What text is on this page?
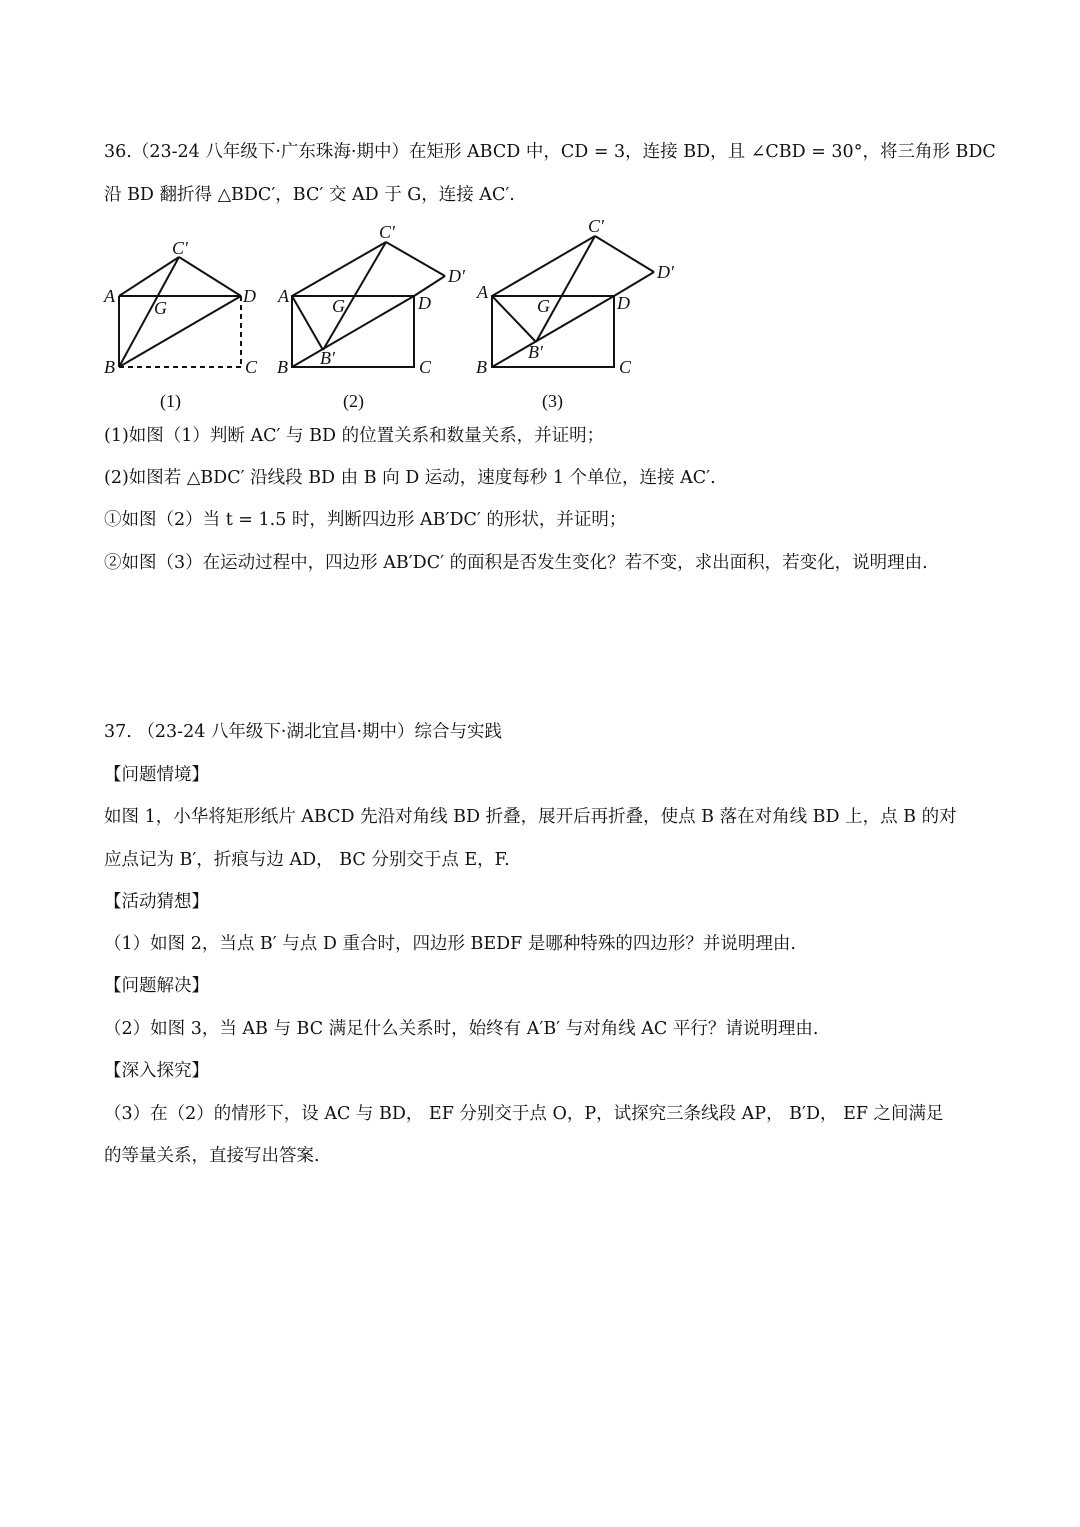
36.（23-24 八年级下·广东珠海·期中）在矩形 ABCD 中，CD = 3，连接 BD，且 ∠CBD = 30°，将三角形 BDC
沿 BD 翻折得 △BDC′，BC′ 交 AD 于 G，连接 AC′.
A	D
B	C
C′
G
A	D
B	C
C′
D′
G
B′
A
D
B	C
C′
D′
G
B′
(1)	(2)	(3)
(1)如图（1）判断 AC′ 与 BD 的位置关系和数量关系，并证明；
(2)如图若 △BDC′ 沿线段 BD 由 B 向 D 运动，速度每秒 1 个单位，连接 AC′.
①如图（2）当 t = 1.5 时，判断四边形 AB′DC′ 的形状，并证明；
②如图（3）在运动过程中，四边形 AB′DC′ 的面积是否发生变化？若不变，求出面积，若变化，说明理由.
37. （23-24 八年级下·湖北宜昌·期中）综合与实践
【问题情境】
如图 1，小华将矩形纸片 ABCD 先沿对角线 BD 折叠，展开后再折叠，使点 B 落在对角线 BD 上，点 B 的对
应点记为 B′，折痕与边 AD， BC 分别交于点 E，F.
【活动猜想】
（1）如图 2，当点 B′ 与点 D 重合时，四边形 BEDF 是哪种特殊的四边形？并说明理由.
【问题解决】
（2）如图 3，当 AB 与 BC 满足什么关系时，始终有 A′B′ 与对角线 AC 平行？请说明理由.
【深入探究】
（3）在（2）的情形下，设 AC 与 BD， EF 分别交于点 O，P，试探究三条线段 AP， B′D， EF 之间满足
的等量关系，直接写出答案.
